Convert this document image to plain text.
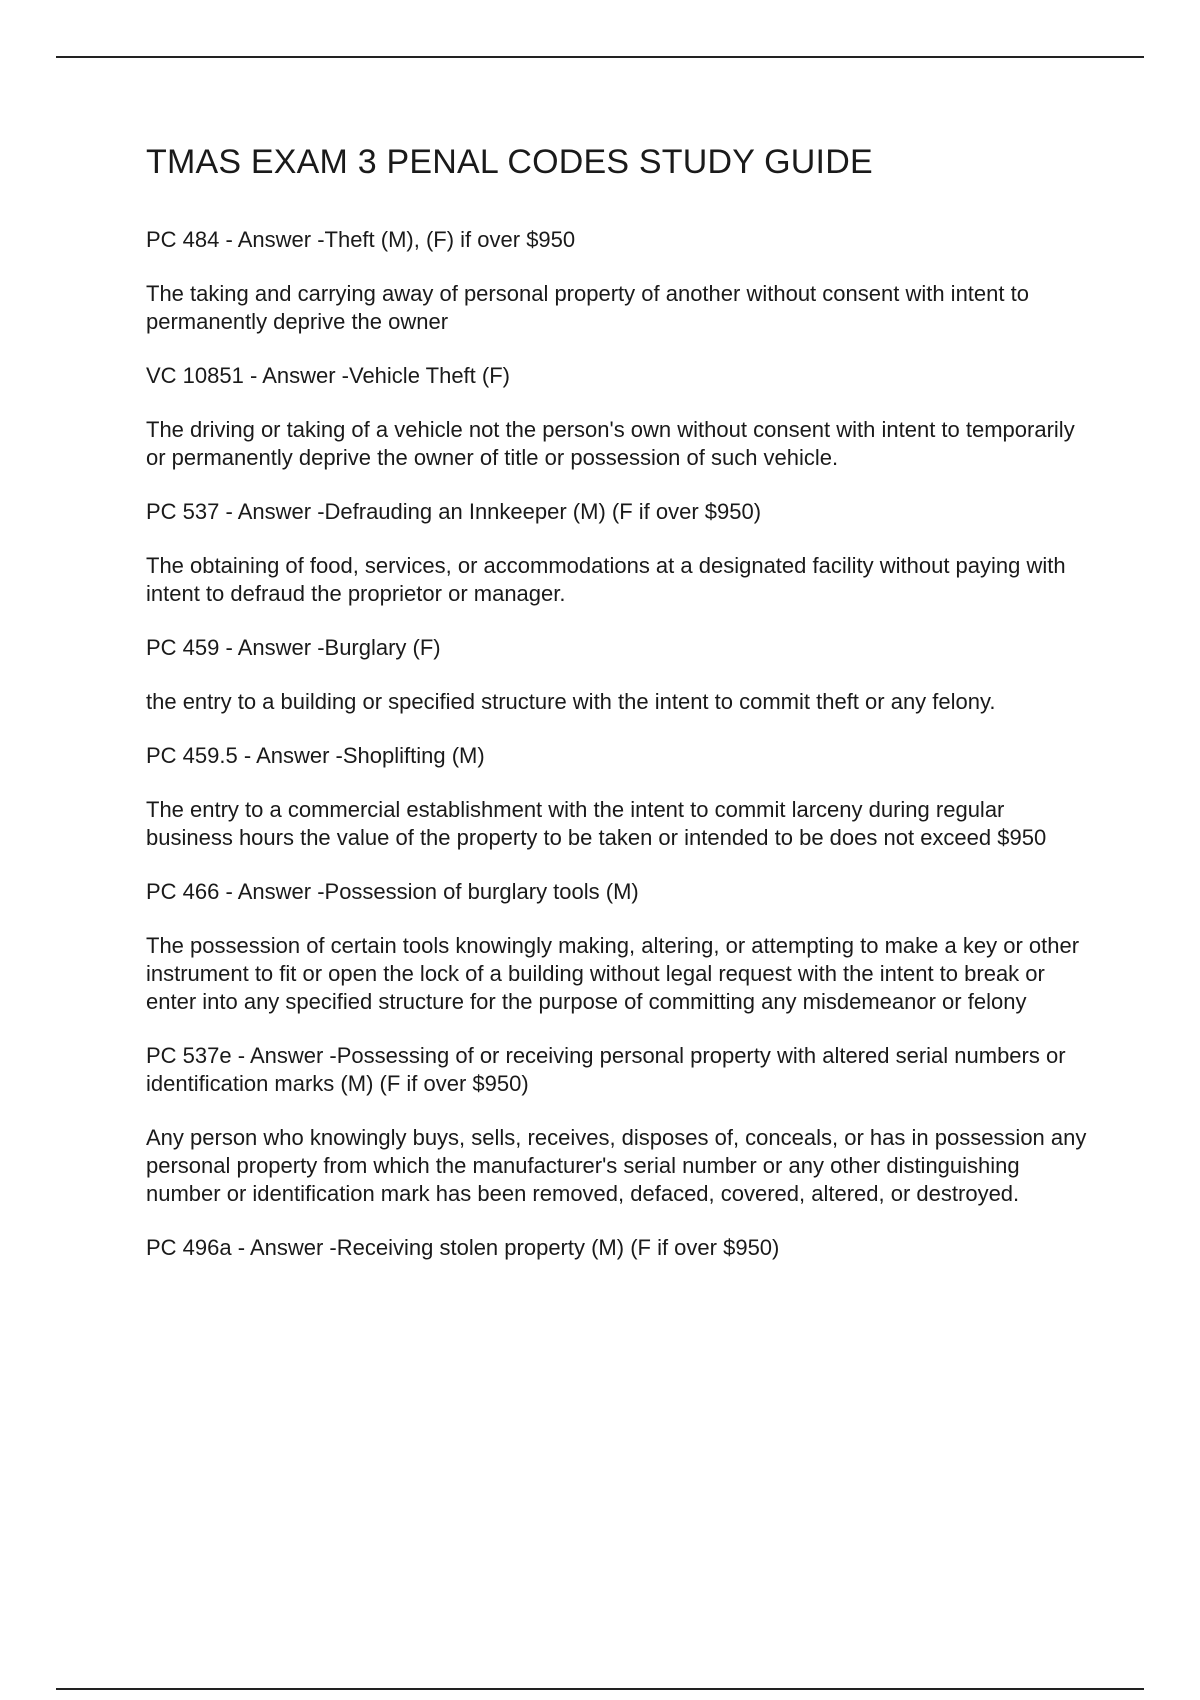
TMAS EXAM 3 PENAL CODES STUDY GUIDE

PC 484 - Answer -Theft (M), (F) if over $950

The taking and carrying away of personal property of another without consent with intent to permanently deprive the owner

VC 10851 - Answer -Vehicle Theft (F)

The driving or taking of a vehicle not the person's own without consent with intent to temporarily or permanently deprive the owner of title or possession of such vehicle.

PC 537 - Answer -Defrauding an Innkeeper (M) (F if over $950)

The obtaining of food, services, or accommodations at a designated facility without paying with intent to defraud the proprietor or manager.

PC 459 - Answer -Burglary (F)

the entry to a building or specified structure with the intent to commit theft or any felony.

PC 459.5 - Answer -Shoplifting (M)

The entry to a commercial establishment with the intent to commit larceny during regular business hours the value of the property to be taken or intended to be does not exceed $950

PC 466 - Answer -Possession of burglary tools (M)

The possession of certain tools knowingly making, altering, or attempting to make a key or other instrument to fit or open the lock of a building without legal request with the intent to break or enter into any specified structure for the purpose of committing any misdemeanor or felony

PC 537e - Answer -Possessing of or receiving personal property with altered serial numbers or identification marks (M) (F if over $950)

Any person who knowingly buys, sells, receives, disposes of, conceals, or has in possession any personal property from which the manufacturer's serial number or any other distinguishing number or identification mark has been removed, defaced, covered, altered, or destroyed.

PC 496a - Answer -Receiving stolen property (M) (F if over $950)
